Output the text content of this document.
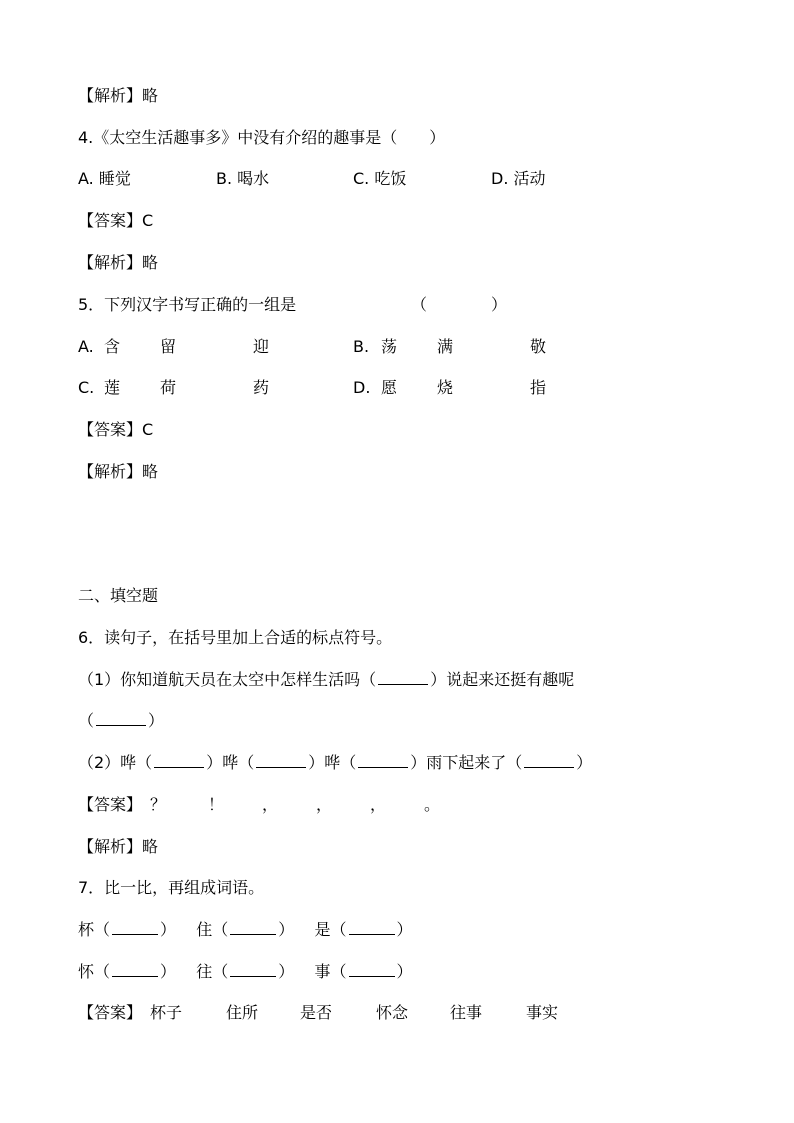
【解析】略
4.《太空生活趣事多》中没有介绍的趣事是（　　）
A. 睡觉	B. 喝水	C. 吃饭	D. 活动
【答案】C
【解析】略
5．下列汉字书写正确的一组是	（　　　　）
A. 含 留	迎	B. 荡 满	敬
C. 莲 荷	药	D. 愿 烧	指
【答案】C
【解析】略
二、填空题
6．读句子，在括号里加上合适的标点符号。
（1）你知道航天员在太空中怎样生活吗（	）说起来还挺有趣呢
（	）
（2）哗（	）哗（	）哗（	）雨下起来了（	）
【答案】 ？	！ ， ， ， 。
【解析】略
7．比一比，再组成词语。
杯（	） 住（	） 是（	）
怀（	） 往（	） 事（	）
【答案】 杯子	住所	是否	怀念	往事	事实
